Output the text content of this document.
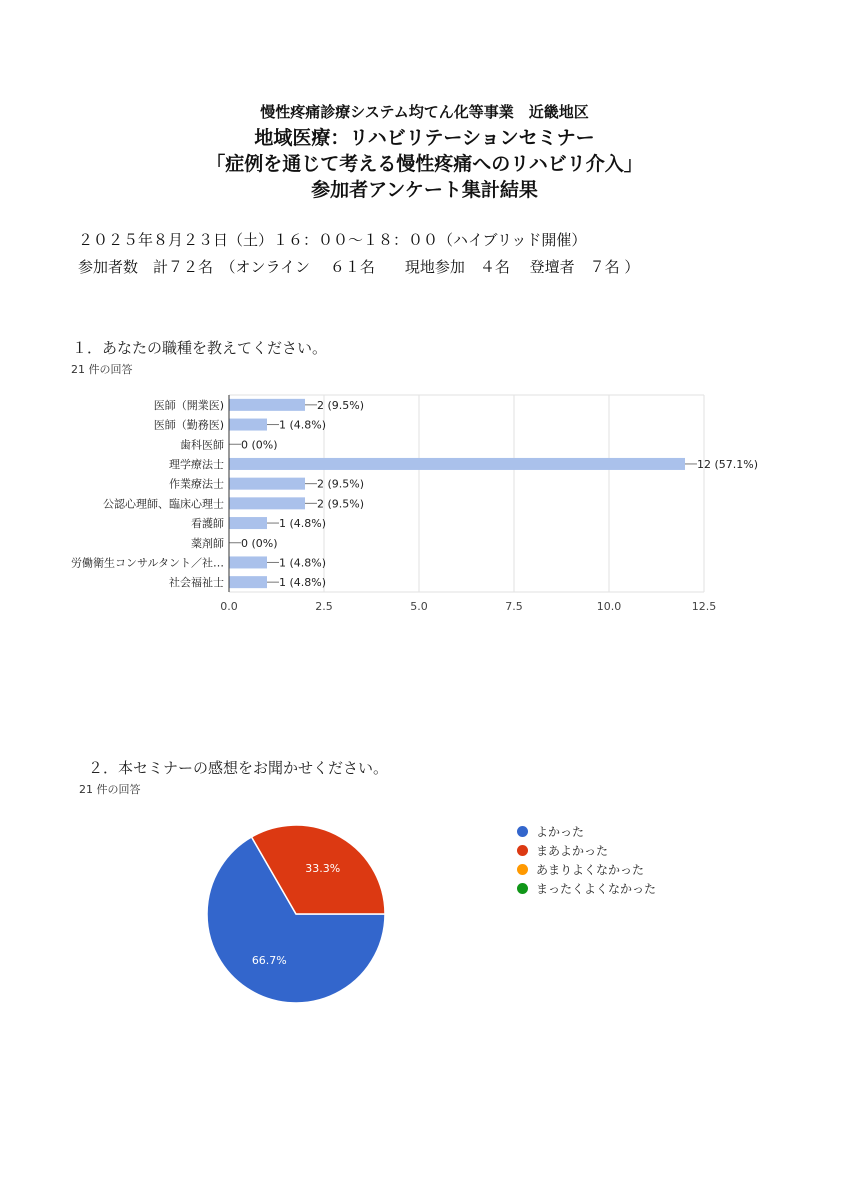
慢性疼痛診療システム均てん化等事業　近畿地区
地域医療：リハビリテーションセミナー
「症例を通じて考える慢性疼痛へのリハビリ介入」
参加者アンケート集計結果
２０２５年８月２３日（土）１６：００～１８：００（ハイブリッド開催）
参加者数　計７２名　（オンライン　 ６１名　　現地参加　４名　 登壇者　７名 ）
１．あなたの職種を教えてください。
21 件の回答
0.0	2.5	5.0	7.5	10.0	12.5
医師（開業医)	2 (9.5%)
医師（勤務医)	1 (4.8%)
歯科医師 0 (0%)
理学療法士	12 (57.1%)
作業療法士	2 (9.5%)
公認心理師、臨床心理士	2 (9.5%)
看護師	1 (4.8%)
薬剤師 0 (0%)
労働衛生コンサルタント／社…	1 (4.8%)
社会福祉士	1 (4.8%)
２．本セミナーの感想をお聞かせください。
21 件の回答
66.7%
33.3%
よかった
まあよかった
あまりよくなかった
まったくよくなかった
